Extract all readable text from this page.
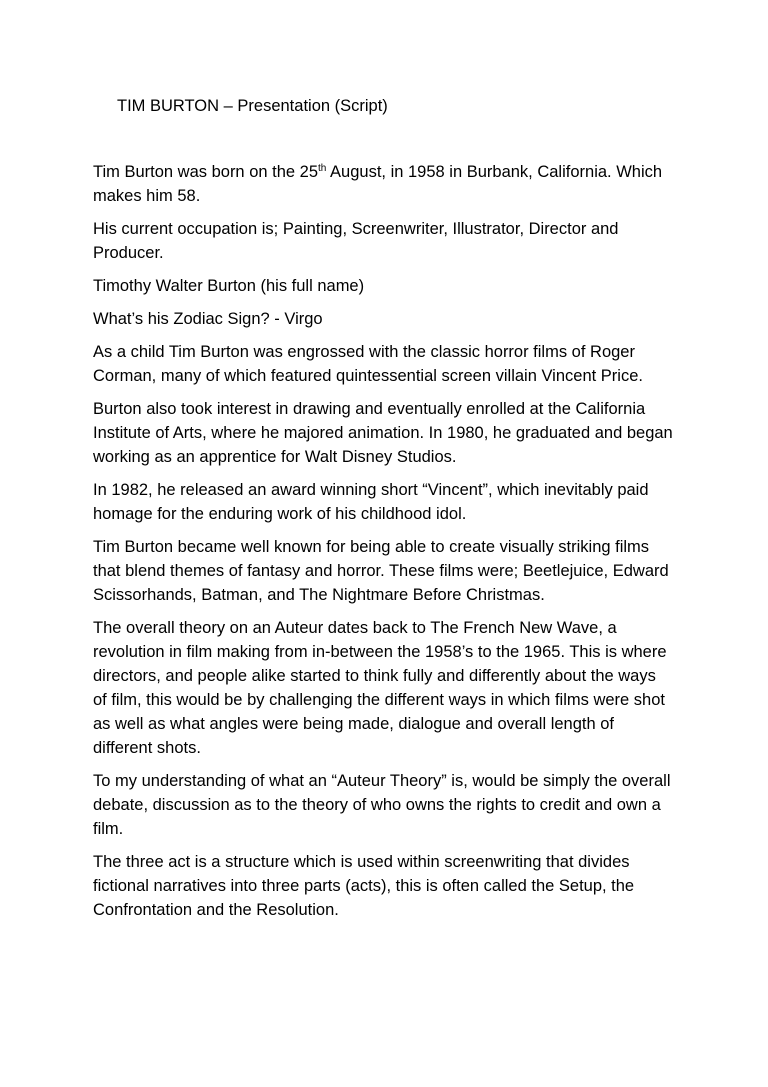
TIM BURTON – Presentation (Script)

Tim Burton was born on the 25th August, in 1958 in Burbank, California. Which makes him 58.

His current occupation is; Painting, Screenwriter, Illustrator, Director and Producer.

Timothy Walter Burton (his full name)

What’s his Zodiac Sign? - Virgo

As a child Tim Burton was engrossed with the classic horror films of Roger Corman, many of which featured quintessential screen villain Vincent Price.

Burton also took interest in drawing and eventually enrolled at the California Institute of Arts, where he majored animation. In 1980, he graduated and began working as an apprentice for Walt Disney Studios.

In 1982, he released an award winning short “Vincent”, which inevitably paid homage for the enduring work of his childhood idol.

Tim Burton became well known for being able to create visually striking films that blend themes of fantasy and horror. These films were; Beetlejuice, Edward Scissorhands, Batman, and The Nightmare Before Christmas.

The overall theory on an Auteur dates back to The French New Wave, a revolution in film making from in-between the 1958’s to the 1965. This is where directors, and people alike started to think fully and differently about the ways of film, this would be by challenging the different ways in which films were shot as well as what angles were being made, dialogue and overall length of different shots.

To my understanding of what an “Auteur Theory” is, would be simply the overall debate, discussion as to the theory of who owns the rights to credit and own a film.

The three act is a structure which is used within screenwriting that divides fictional narratives into three parts (acts), this is often called the Setup, the Confrontation and the Resolution.
